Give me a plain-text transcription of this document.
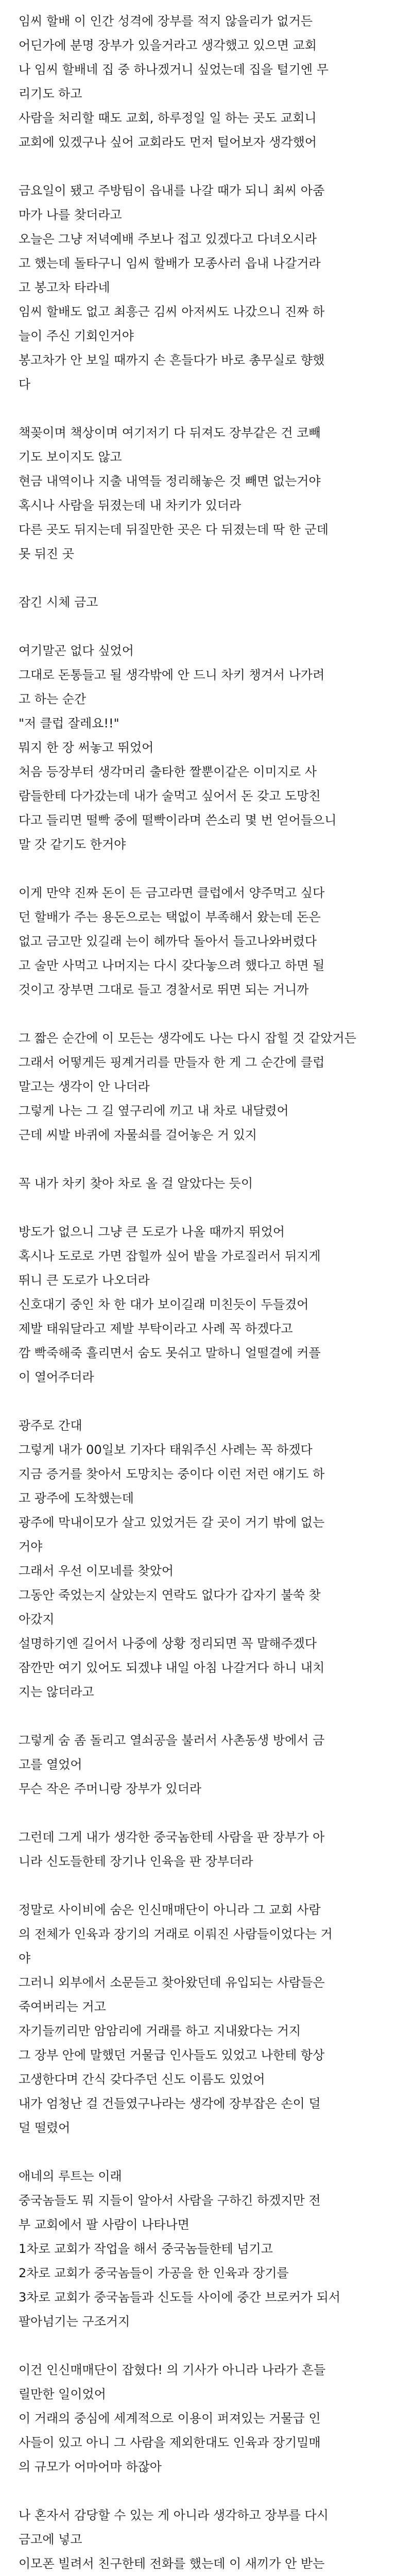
임씨 할배 이 인간 성격에 장부를 적지 않을리가 없거든
어딘가에 분명 장부가 있을거라고 생각했고 있으면 교회
나 임씨 할배네 집 중 하나겠거니 싶었는데 집을 털기엔 무
리기도 하고
사람을 처리할 때도 교회, 하루정일 일 하는 곳도 교회니
교회에 있겠구나 싶어 교회라도 먼저 털어보자 생각했어

금요일이 됐고 주방팀이 읍내를 나갈 때가 되니 최씨 아줌
마가 나를 찾더라고
오늘은 그냥 저녁예배 주보나 접고 있겠다고 다녀오시라
고 했는데 돌타구니 임씨 할배가 모종사러 읍내 나갈거라
고 봉고차 타라네
임씨 할배도 없고 최흥근 김씨 아저씨도 나갔으니 진짜 하
늘이 주신 기회인거야
봉고차가 안 보일 때까지 손 흔들다가 바로 총무실로 향했
다

책꽂이며 책상이며 여기저기 다 뒤져도 장부같은 건 코빼
기도 보이지도 않고
현금 내역이나 지출 내역들 정리해놓은 것 빼면 없는거야
혹시나 사람을 뒤졌는데 내 차키가 있더라
다른 곳도 뒤지는데 뒤질만한 곳은 다 뒤졌는데 딱 한 군데
못 뒤진 곳

잠긴 시체 금고

여기말곤 없다 싶었어
그대로 돈통들고 될 생각밖에 안 드니 차키 챙겨서 나가려
고 하는 순간
"저 클럽 잘레요!!"
뭐지 한 장 써놓고 뛰었어
처음 등장부터 생각머리 출타한 짤뿐이같은 이미지로 사
람들한테 다가갔는데 내가 술먹고 싶어서 돈 갖고 도망친
다고 들리면 떨빡 중에 떨빡이라며 쓴소리 몇 번 얻어들으니
말 갓 같기도 한거야

이게 만약 진짜 돈이 든 금고라면 클럽에서 양주먹고 싶다
던 할배가 주는 용돈으로는 택없이 부족해서 왔는데 돈은
없고 금고만 있길래 는이 헤까닥 돌아서 들고나와버렸다
고 술만 사먹고 나머지는 다시 갖다놓으려 했다고 하면 될
것이고 장부면 그대로 들고 경찰서로 뛰면 되는 거니까

그 짧은 순간에 이 모든는 생각에도 나는 다시 잡힐 것 같았거든
그래서 어떻게든 핑계거리를 만들자 한 게 그 순간에 클럽
말고는 생각이 안 나더라
그렇게 나는 그 길 옆구리에 끼고 내 차로 내달렸어
근데 씨발 바퀴에 자물쇠를 걸어놓은 거 있지

꼭 내가 차키 찾아 차로 올 걸 알았다는 듯이

방도가 없으니 그냥 큰 도로가 나올 때까지 뛰었어
혹시나 도로로 가면 잡힐까 싶어 밭을 가로질러서 뒤지게
뛰니 큰 도로가 나오더라
신호대기 중인 차 한 대가 보이길래 미친듯이 두들겼어
제발 태워달라고 제발 부탁이라고 사례 꼭 하겠다고
깜 빡죽해죽 흘리면서 숨도 못쉬고 말하니 얼떨결에 커플
이 열어주더라

광주로 간대
그렇게 내가 00일보 기자다 태워주신 사례는 꼭 하겠다
지금 증거를 찾아서 도망치는 중이다 이런 저런 얘기도 하
고 광주에 도착했는데
광주에 막내이모가 살고 있었거든 갈 곳이 거기 밖에 없는
거야
그래서 우선 이모네를 찾았어
그동안 죽었는지 살았는지 연락도 없다가 갑자기 불쑥 찾
아갔지
설명하기엔 길어서 나중에 상황 정리되면 꼭 말해주겠다
잠깐만 여기 있어도 되겠냐 내일 아침 나갈거다 하니 내치
지는 않더라고

그렇게 숨 좀 돌리고 열쇠공을 불러서 사촌동생 방에서 금
고를 열었어
무슨 작은 주머니랑 장부가 있더라

그런데 그게 내가 생각한 중국놈한테 사람을 판 장부가 아
니라 신도들한테 장기나 인육을 판 장부더라

정말로 사이비에 숨은 인신매매단이 아니라 그 교회 사람
의 전체가 인육과 장기의 거래로 이뤄진 사람들이었다는 거
야
그러니 외부에서 소문듣고 찾아왔던데 유입되는 사람들은
죽여버리는 거고
자기들끼리만 암암리에 거래를 하고 지내왔다는 거지
그 장부 안에 말했던 거물급 인사들도 있었고 나한테 항상
고생한다며 간식 갖다주던 신도 이름도 있었어
내가 엄청난 걸 건들였구나라는 생각에 장부잡은 손이 덜
덜 떨렸어

애네의 루트는 이래
중국놈들도 뭐 지들이 알아서 사람을 구하긴 하겠지만 전
부 교회에서 팔 사람이 나타나면
1차로 교회가 작업을 해서 중국놈들한테 넘기고
2차로 교회가 중국놈들이 가공을 한 인육과 장기를
3차로 교회가 중국놈들과 신도들 사이에 중간 브로커가 되서
팔아넘기는 구조거지

이건 인신매매단이 잡혔다! 의 기사가 아니라 나라가 흔들
릴만한 일이었어
이 거래의 중심에 세계적으로 이용이 퍼져있는 거물급 인
사들이 있고 아니 그 사람을 제외한대도 인육과 장기밀매
의 규모가 어마어마 하잖아

나 혼자서 감당할 수 있는 게 아니라 생각하고 장부를 다시
금고에 넣고
이모폰 빌려서 친구한테 전화를 했는데 이 새끼가 안 받는
